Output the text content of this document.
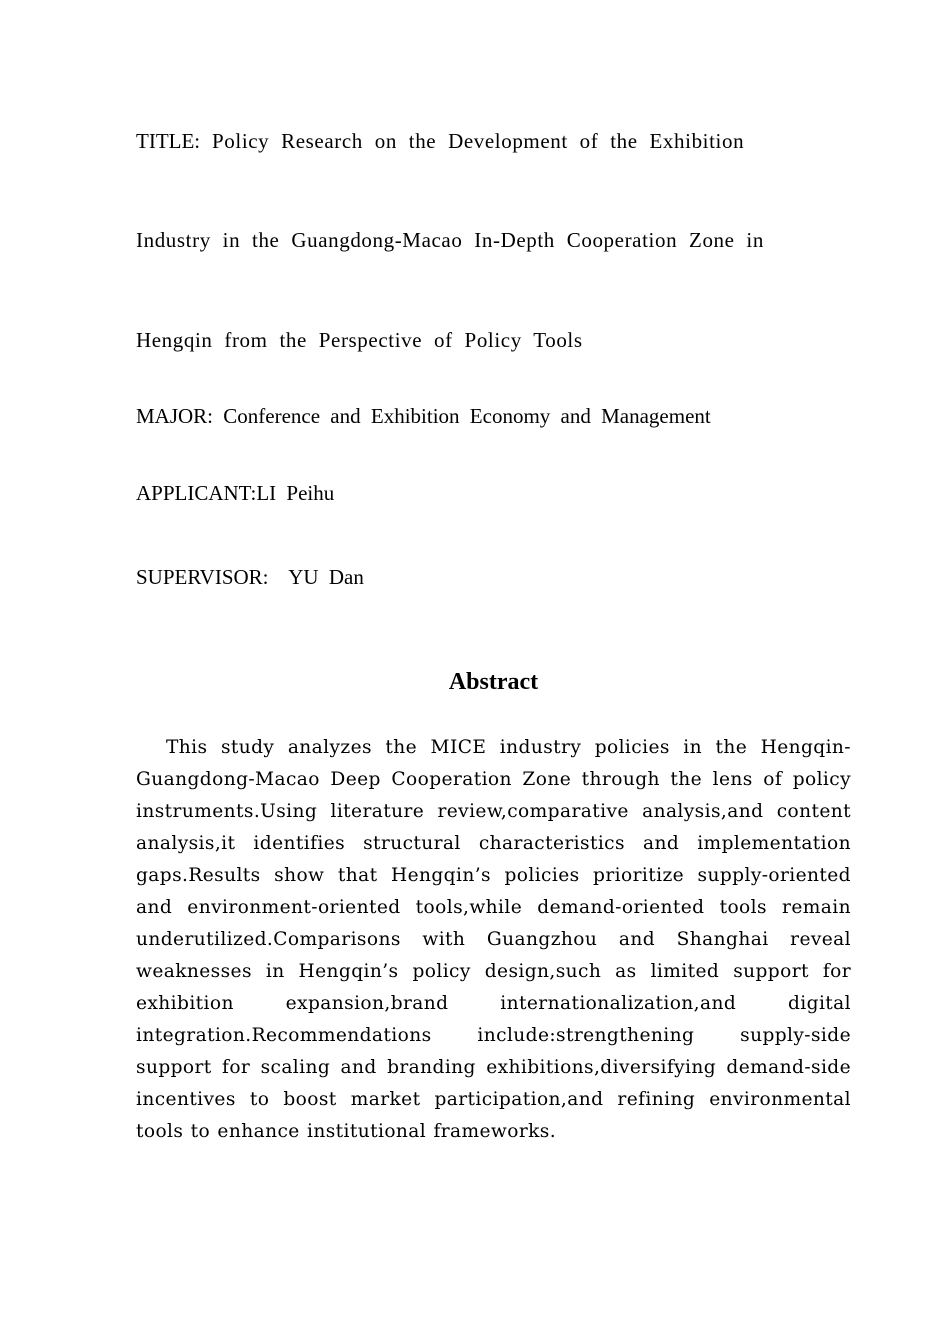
TITLE: Policy Research on the Development of the Exhibition
Industry in the Guangdong-Macao In-Depth Cooperation Zone in
Hengqin from the Perspective of Policy Tools
MAJOR: Conference and Exhibition Economy and Management
APPLICANT:LI Peihu
SUPERVISOR: YU Dan
Abstract

This study analyzes the MICE industry policies in the Hengqin-Guangdong-Macao Deep Cooperation Zone through the lens of policy instruments.Using literature review,comparative analysis,and content analysis,it identifies structural characteristics and implementation gaps.Results show that Hengqin’s policies prioritize supply-oriented and environment-oriented tools,while demand-oriented tools remain underutilized.Comparisons with Guangzhou and Shanghai reveal weaknesses in Hengqin’s policy design,such as limited support for exhibition expansion,brand internationalization,and digital integration.Recommendations include:strengthening supply-side support for scaling and branding exhibitions,diversifying demand-side incentives to boost market participation,and refining environmental tools to enhance institutional frameworks.
